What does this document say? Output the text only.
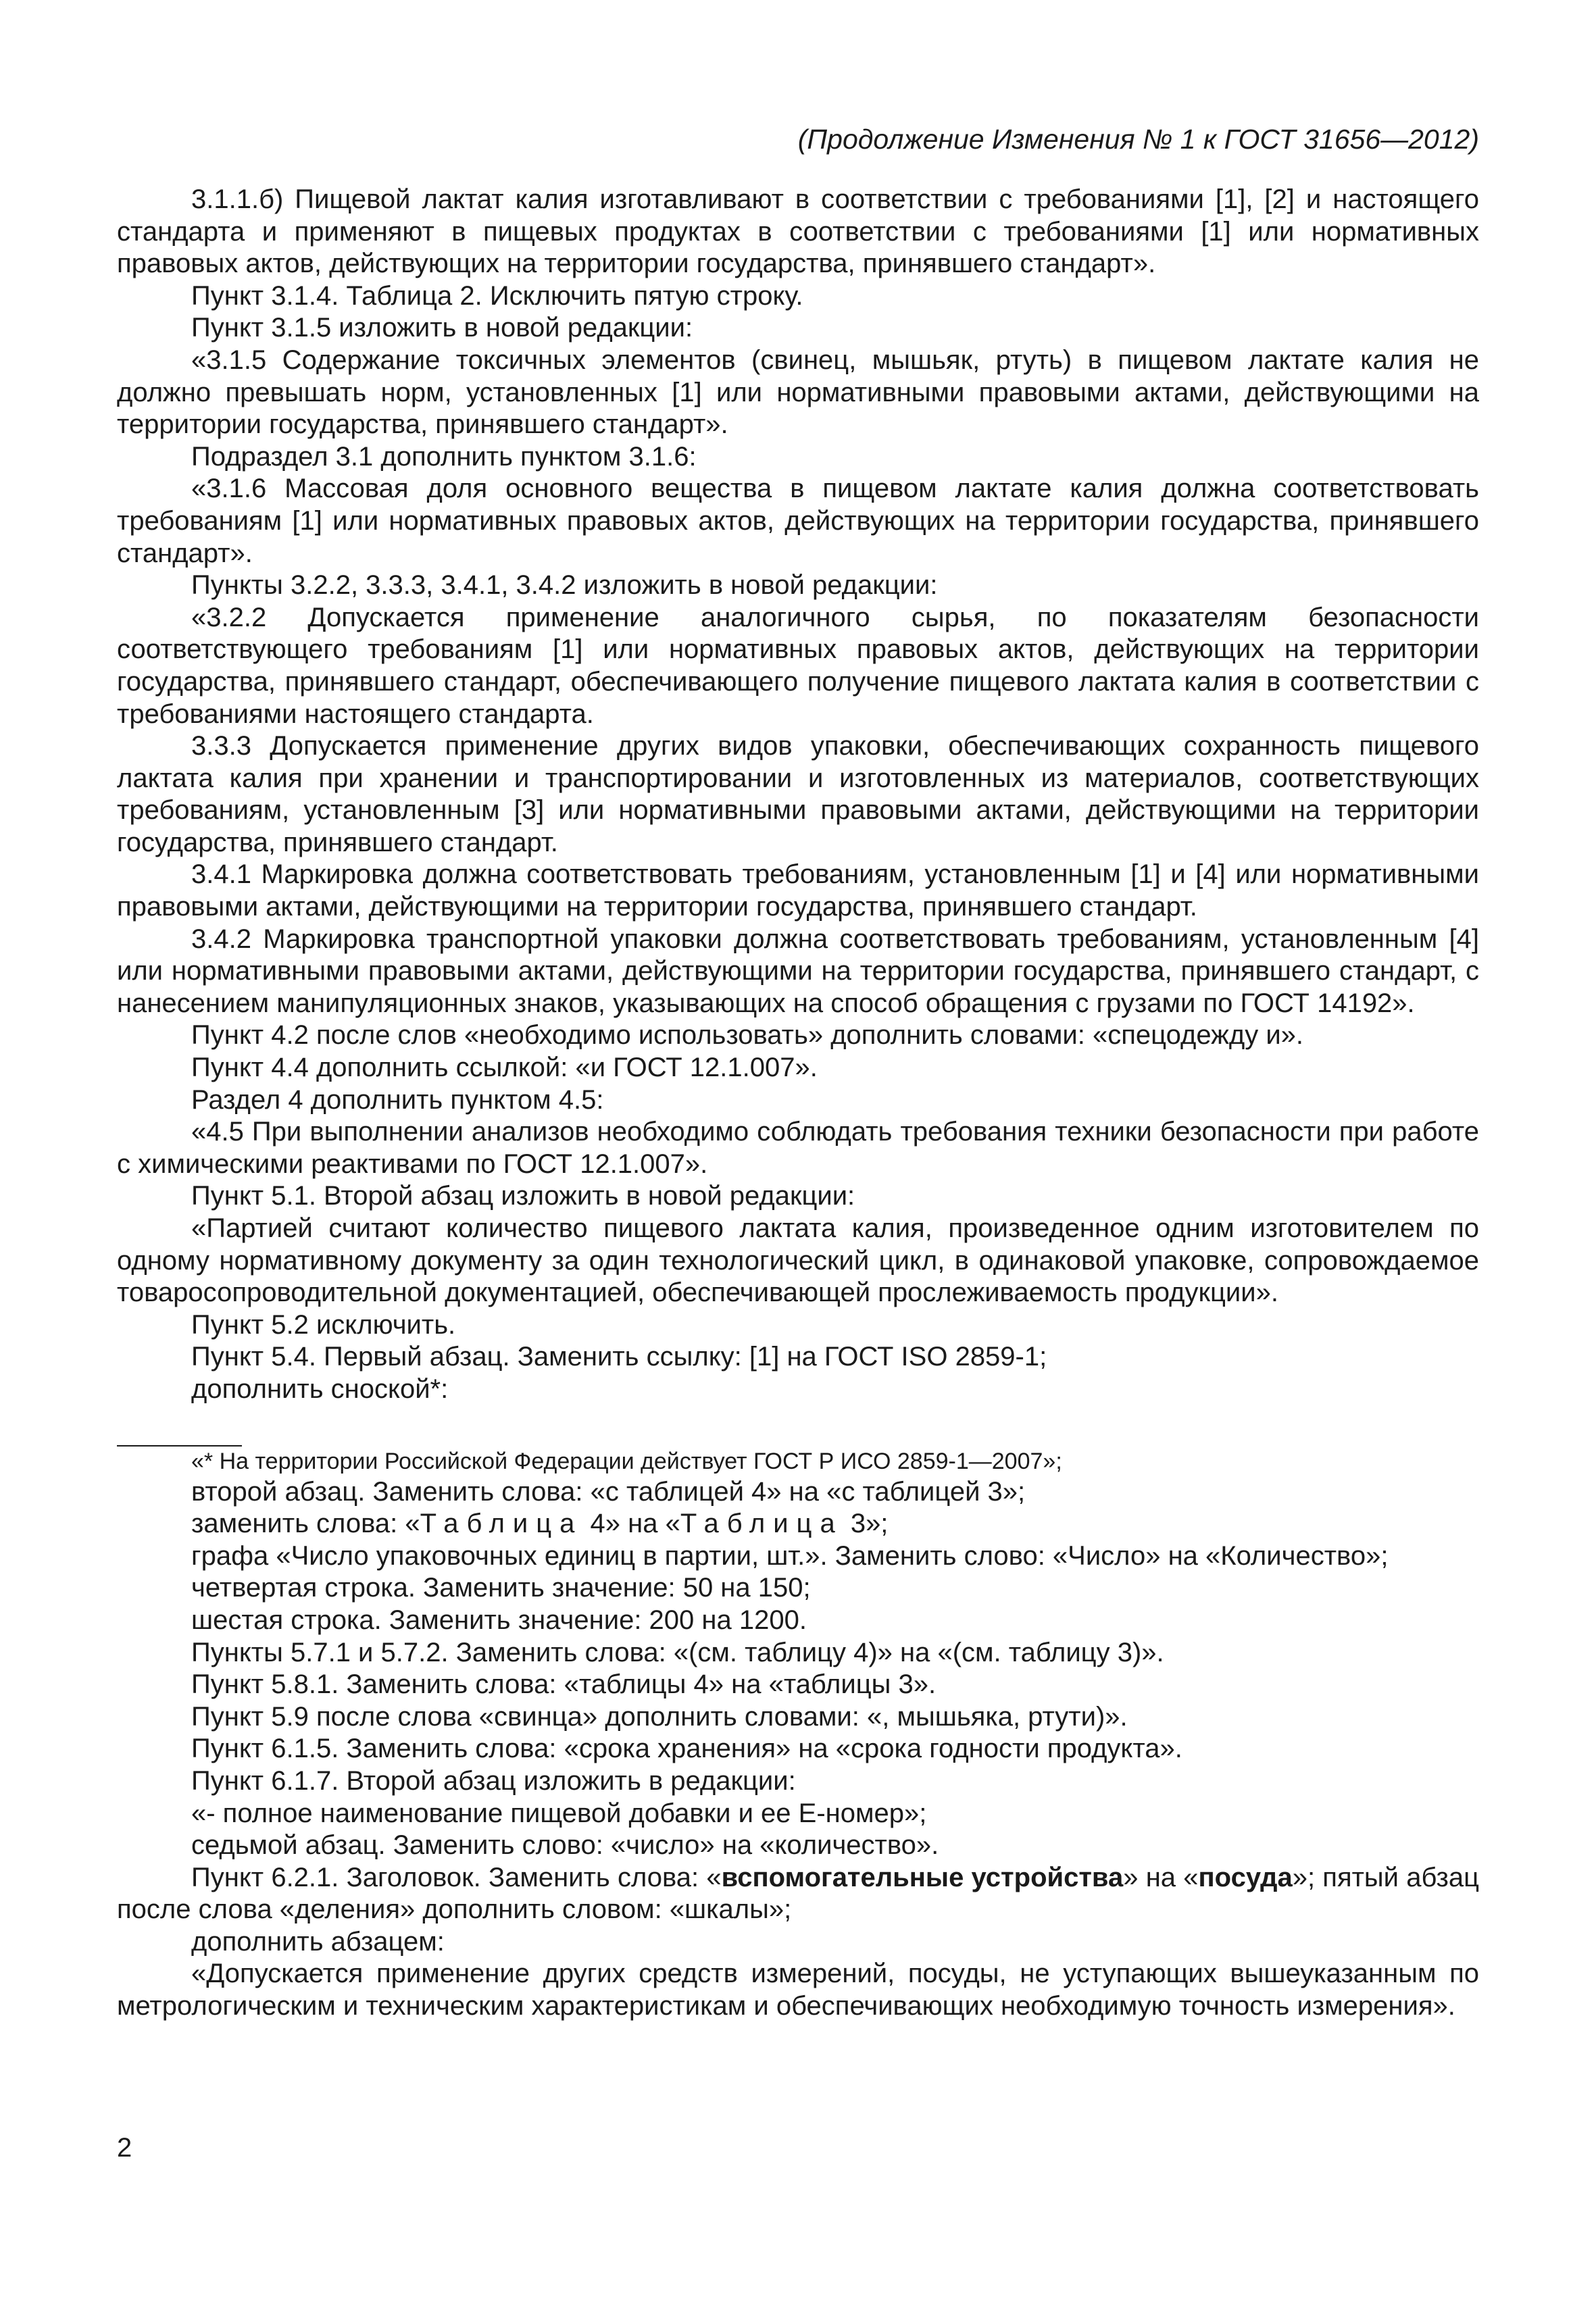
(Продолжение Изменения № 1 к ГОСТ 31656—2012)

3.1.1.б) Пищевой лактат калия изготавливают в соответствии с требованиями [1], [2] и настоящего стандарта и применяют в пищевых продуктах в соответствии с требованиями [1] или нормативных правовых актов, действующих на территории государства, принявшего стандарт».

Пункт 3.1.4. Таблица 2. Исключить пятую строку.

Пункт 3.1.5 изложить в новой редакции:

«3.1.5 Содержание токсичных элементов (свинец, мышьяк, ртуть) в пищевом лактате калия не должно превышать норм, установленных [1] или нормативными правовыми актами, действующими на территории государства, принявшего стандарт».

Подраздел 3.1 дополнить пунктом 3.1.6:

«3.1.6 Массовая доля основного вещества в пищевом лактате калия должна соответствовать требованиям [1] или нормативных правовых актов, действующих на территории государства, принявшего стандарт».

Пункты 3.2.2, 3.3.3, 3.4.1, 3.4.2 изложить в новой редакции:

«3.2.2 Допускается применение аналогичного сырья, по показателям безопасности соответствующего требованиям [1] или нормативных правовых актов, действующих на территории государства, принявшего стандарт, обеспечивающего получение пищевого лактата калия в соответствии с требованиями настоящего стандарта.

3.3.3 Допускается применение других видов упаковки, обеспечивающих сохранность пищевого лактата калия при хранении и транспортировании и изготовленных из материалов, соответствующих требованиям, установленным [3] или нормативными правовыми актами, действующими на территории государства, принявшего стандарт.

3.4.1 Маркировка должна соответствовать требованиям, установленным [1] и [4] или нормативными правовыми актами, действующими на территории государства, принявшего стандарт.

3.4.2 Маркировка транспортной упаковки должна соответствовать требованиям, установленным [4] или нормативными правовыми актами, действующими на территории государства, принявшего стандарт, с нанесением манипуляционных знаков, указывающих на способ обращения с грузами по ГОСТ 14192».

Пункт 4.2 после слов «необходимо использовать» дополнить словами: «спецодежду и».

Пункт 4.4 дополнить ссылкой: «и ГОСТ 12.1.007».

Раздел 4 дополнить пунктом 4.5:

«4.5 При выполнении анализов необходимо соблюдать требования техники безопасности при работе с химическими реактивами по ГОСТ 12.1.007».

Пункт 5.1. Второй абзац изложить в новой редакции:

«Партией считают количество пищевого лактата калия, произведенное одним изготовителем по одному нормативному документу за один технологический цикл, в одинаковой упаковке, сопровождаемое товаросопроводительной документацией, обеспечивающей прослеживаемость продукции».

Пункт 5.2 исключить.

Пункт 5.4. Первый абзац. Заменить ссылку: [1] на ГОСТ ISO 2859-1;

дополнить сноской*:

«* На территории Российской Федерации действует ГОСТ Р ИСО 2859-1—2007»;

второй абзац. Заменить слова: «с таблицей 4» на «с таблицей 3»;

заменить слова: «Таблица 4» на «Таблица 3»;

графа «Число упаковочных единиц в партии, шт.». Заменить слово: «Число» на «Количество»;

четвертая строка. Заменить значение: 50 на 150;

шестая строка. Заменить значение: 200 на 1200.

Пункты 5.7.1 и 5.7.2. Заменить слова: «(см. таблицу 4)» на «(см. таблицу 3)».

Пункт 5.8.1. Заменить слова: «таблицы 4» на «таблицы 3».

Пункт 5.9 после слова «свинца» дополнить словами: «, мышьяка, ртути)».

Пункт 6.1.5. Заменить слова: «срока хранения» на «срока годности продукта».

Пункт 6.1.7. Второй абзац изложить в редакции:

«- полное наименование пищевой добавки и ее Е-номер»;

седьмой абзац. Заменить слово: «число» на «количество».

Пункт 6.2.1. Заголовок. Заменить слова: «вспомогательные устройства» на «посуда»; пятый абзац после слова «деления» дополнить словом: «шкалы»;

дополнить абзацем:

«Допускается применение других средств измерений, посуды, не уступающих вышеуказанным по метрологическим и техническим характеристикам и обеспечивающих необходимую точность измерения».

2
